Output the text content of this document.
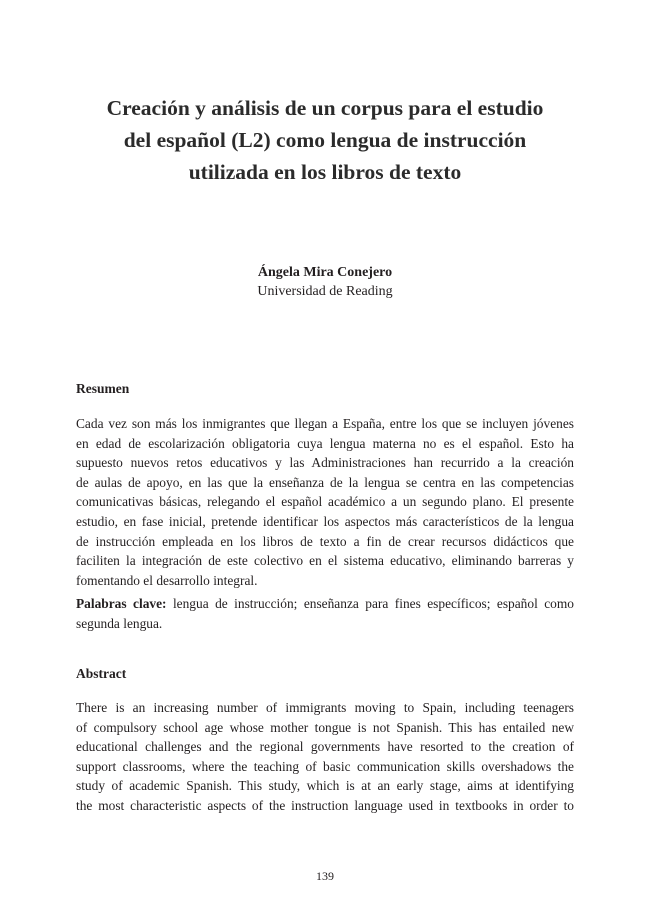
Creación y análisis de un corpus para el estudio
del español (L2) como lengua de instrucción
utilizada en los libros de texto
Ángela Mira Conejero
Universidad de Reading
Resumen

Cada vez son más los inmigrantes que llegan a España, entre los que se incluyen jóvenes
en edad de escolarización obligatoria cuya lengua materna no es el español. Esto ha
supuesto nuevos retos educativos y las Administraciones han recurrido a la creación
de aulas de apoyo, en las que la enseñanza de la lengua se centra en las competencias
comunicativas básicas, relegando el español académico a un segundo plano. El presente
estudio, en fase inicial, pretende identificar los aspectos más característicos de la lengua
de instrucción empleada en los libros de texto a fin de crear recursos didácticos que
faciliten la integración de este colectivo en el sistema educativo, eliminando barreras y
fomentando el desarrollo integral.

Palabras clave: lengua de instrucción; enseñanza para fines específicos; español como
segunda lengua.

Abstract

There is an increasing number of immigrants moving to Spain, including teenagers
of compulsory school age whose mother tongue is not Spanish. This has entailed new
educational challenges and the regional governments have resorted to the creation of
support classrooms, where the teaching of basic communication skills overshadows the
study of academic Spanish. This study, which is at an early stage, aims at identifying
the most characteristic aspects of the instruction language used in textbooks in order to

139
